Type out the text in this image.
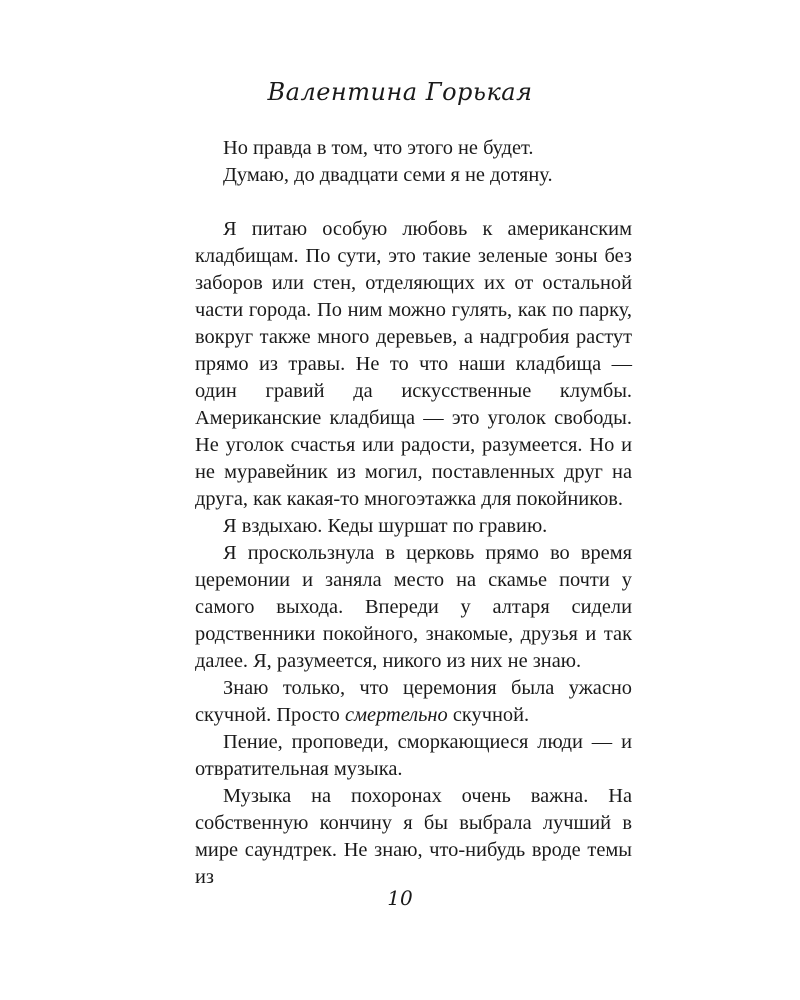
Валентина Горькая

Но правда в том, что этого не будет.

Думаю, до двадцати семи я не дотяну.

Я питаю особую любовь к американским кладбищам. По сути, это такие зеленые зоны без заборов или стен, отделяющих их от остальной части города. По ним можно гулять, как по парку, вокруг также много деревьев, а надгробия растут прямо из травы. Не то что наши кладбища — один гравий да искусственные клумбы. Американские кладбища — это уголок свободы. Не уголок счастья или радости, разумеется. Но и не муравейник из могил, поставленных друг на друга, как какая-то многоэтажка для покойников.

Я вздыхаю. Кеды шуршат по гравию.

Я проскользнула в церковь прямо во время церемонии и заняла место на скамье почти у самого выхода. Впереди у алтаря сидели родственники покойного, знакомые, друзья и так далее. Я, разумеется, никого из них не знаю.

Знаю только, что церемония была ужасно скучной. Просто смертельно скучной.

Пение, проповеди, сморкающиеся люди — и отвратительная музыка.

Музыка на похоронах очень важна. На собственную кончину я бы выбрала лучший в мире саундтрек. Не знаю, что-нибудь вроде темы из

10
